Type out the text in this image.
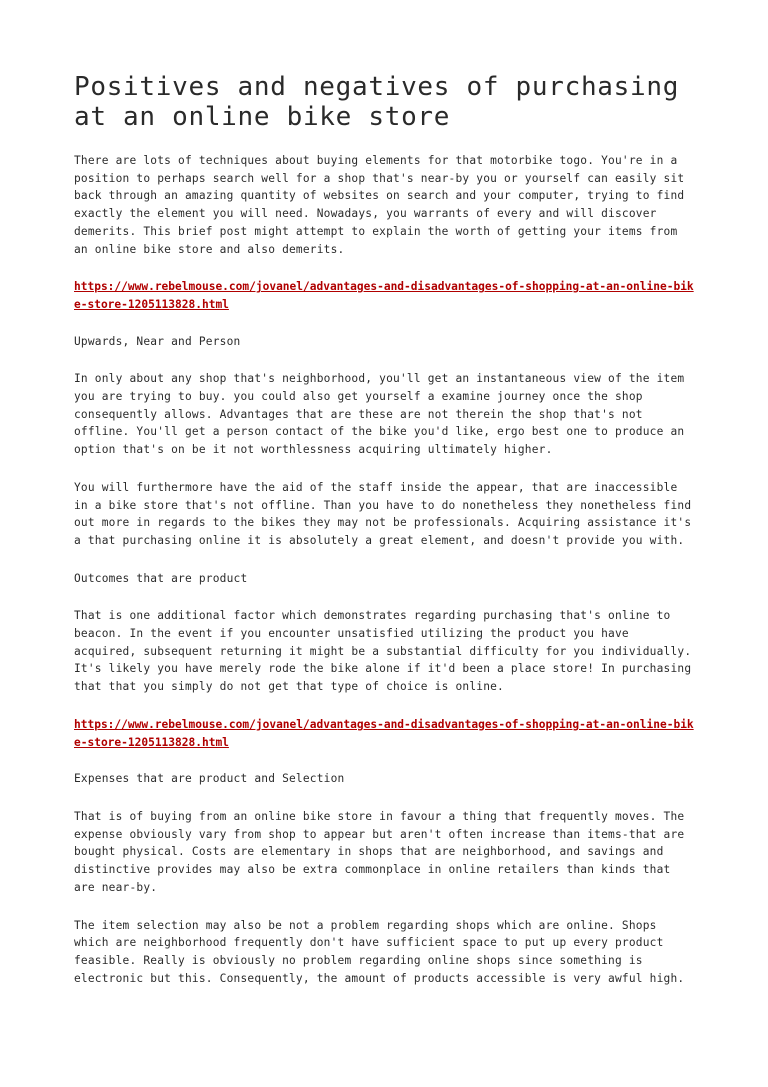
Positives and negatives of purchasing at an online bike store

There are lots of techniques about buying elements for that motorbike togo. You're in a position to perhaps search well for a shop that's near-by you or yourself can easily sit back through an amazing quantity of websites on search and your computer, trying to find exactly the element you will need. Nowadays, you warrants of every and will discover demerits. This brief post might attempt to explain the worth of getting your items from an online bike store and also demerits.

https://www.rebelmouse.com/jovanel/advantages-and-disadvantages-of-shopping-at-an-online-bike-store-1205113828.html

Upwards, Near and Person

In only about any shop that's neighborhood, you'll get an instantaneous view of the item you are trying to buy. you could also get yourself a examine journey once the shop consequently allows. Advantages that are these are not therein the shop that's not offline. You'll get a person contact of the bike you'd like, ergo best one to produce an option that's on be it not worthlessness acquiring ultimately higher.

You will furthermore have the aid of the staff inside the appear, that are inaccessible in a bike store that's not offline. Than you have to do nonetheless they nonetheless find out more in regards to the bikes they may not be professionals. Acquiring assistance it's a that purchasing online it is absolutely a great element, and doesn't provide you with.

Outcomes that are product

That is one additional factor which demonstrates regarding purchasing that's online to beacon. In the event if you encounter unsatisfied utilizing the product you have acquired, subsequent returning it might be a substantial difficulty for you individually. It's likely you have merely rode the bike alone if it'd been a place store! In purchasing that that you simply do not get that type of choice is online.

https://www.rebelmouse.com/jovanel/advantages-and-disadvantages-of-shopping-at-an-online-bike-store-1205113828.html

Expenses that are product and Selection

That is of buying from an online bike store in favour a thing that frequently moves. The expense obviously vary from shop to appear but aren't often increase than items-that are bought physical. Costs are elementary in shops that are neighborhood, and savings and distinctive provides may also be extra commonplace in online retailers than kinds that are near-by.

The item selection may also be not a problem regarding shops which are online. Shops which are neighborhood frequently don't have sufficient space to put up every product feasible. Really is obviously no problem regarding online shops since something is electronic but this. Consequently, the amount of products accessible is very awful high.
